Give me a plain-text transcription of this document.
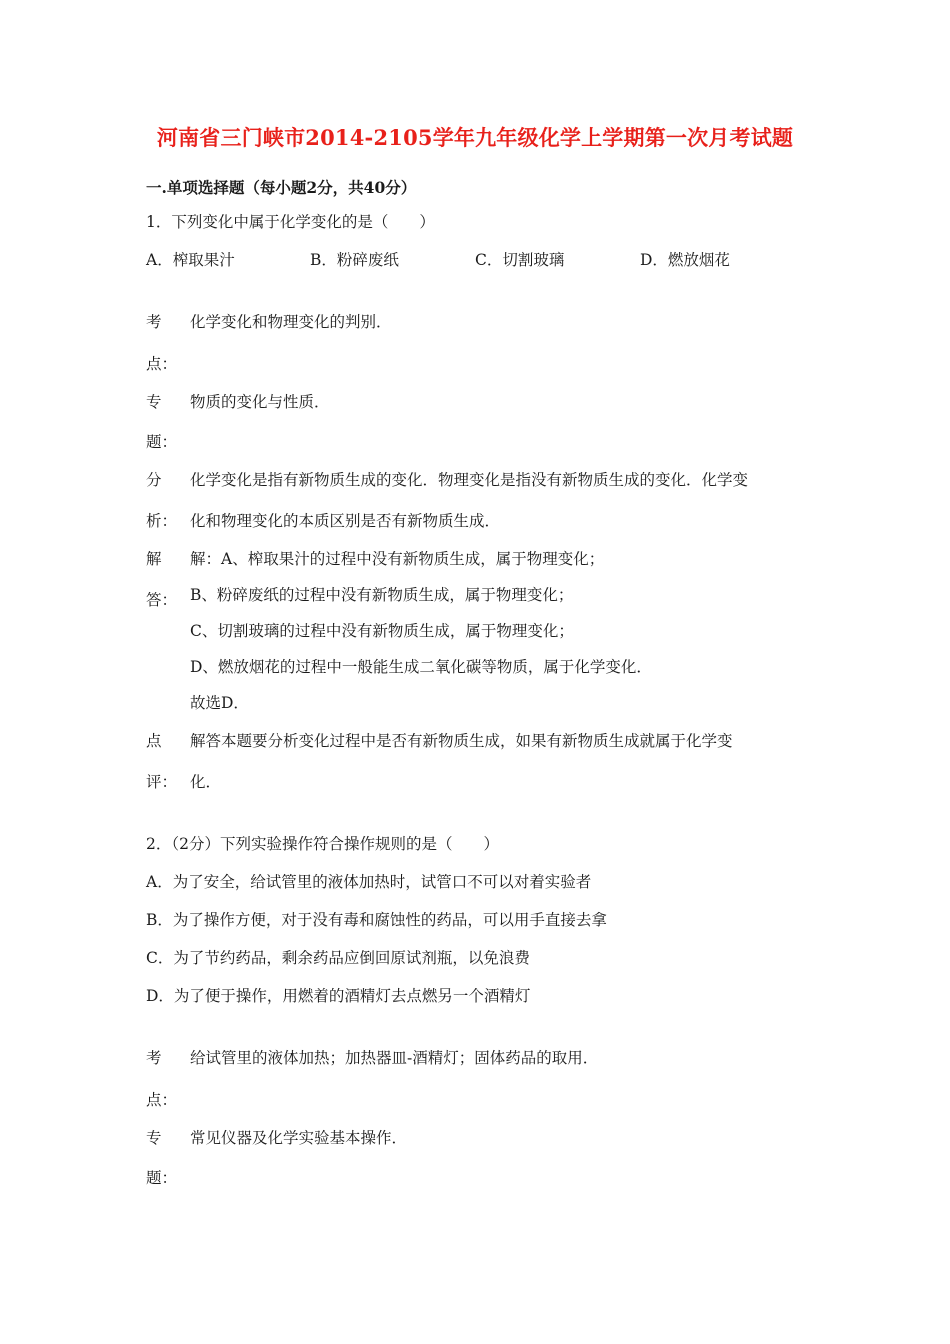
河南省三门峡市2014-2105学年九年级化学上学期第一次月考试题
一.单项选择题（每小题2分，共40分）
1．下列变化中属于化学变化的是（　　）
A．榨取果汁	B．粉碎废纸	C．切割玻璃	D．燃放烟花
考
点：
化学变化和物理变化的判别．
专
题：
物质的变化与性质．
分
析：
化学变化是指有新物质生成的变化．物理变化是指没有新物质生成的变化．化学变
化和物理变化的本质区别是否有新物质生成．
解
答：
解：A、榨取果汁的过程中没有新物质生成，属于物理变化；
B、粉碎废纸的过程中没有新物质生成，属于物理变化；
C、切割玻璃的过程中没有新物质生成，属于物理变化；
D、燃放烟花的过程中一般能生成二氧化碳等物质，属于化学变化．
故选D．
点
评：
解答本题要分析变化过程中是否有新物质生成，如果有新物质生成就属于化学变
化．
2．（2分）下列实验操作符合操作规则的是（　　）
A．为了安全，给试管里的液体加热时，试管口不可以对着实验者
B．为了操作方便，对于没有毒和腐蚀性的药品，可以用手直接去拿
C．为了节约药品，剩余药品应倒回原试剂瓶，以免浪费
D．为了便于操作，用燃着的酒精灯去点燃另一个酒精灯
考
点：
给试管里的液体加热；加热器皿-酒精灯；固体药品的取用．
专
题：
常见仪器及化学实验基本操作．
